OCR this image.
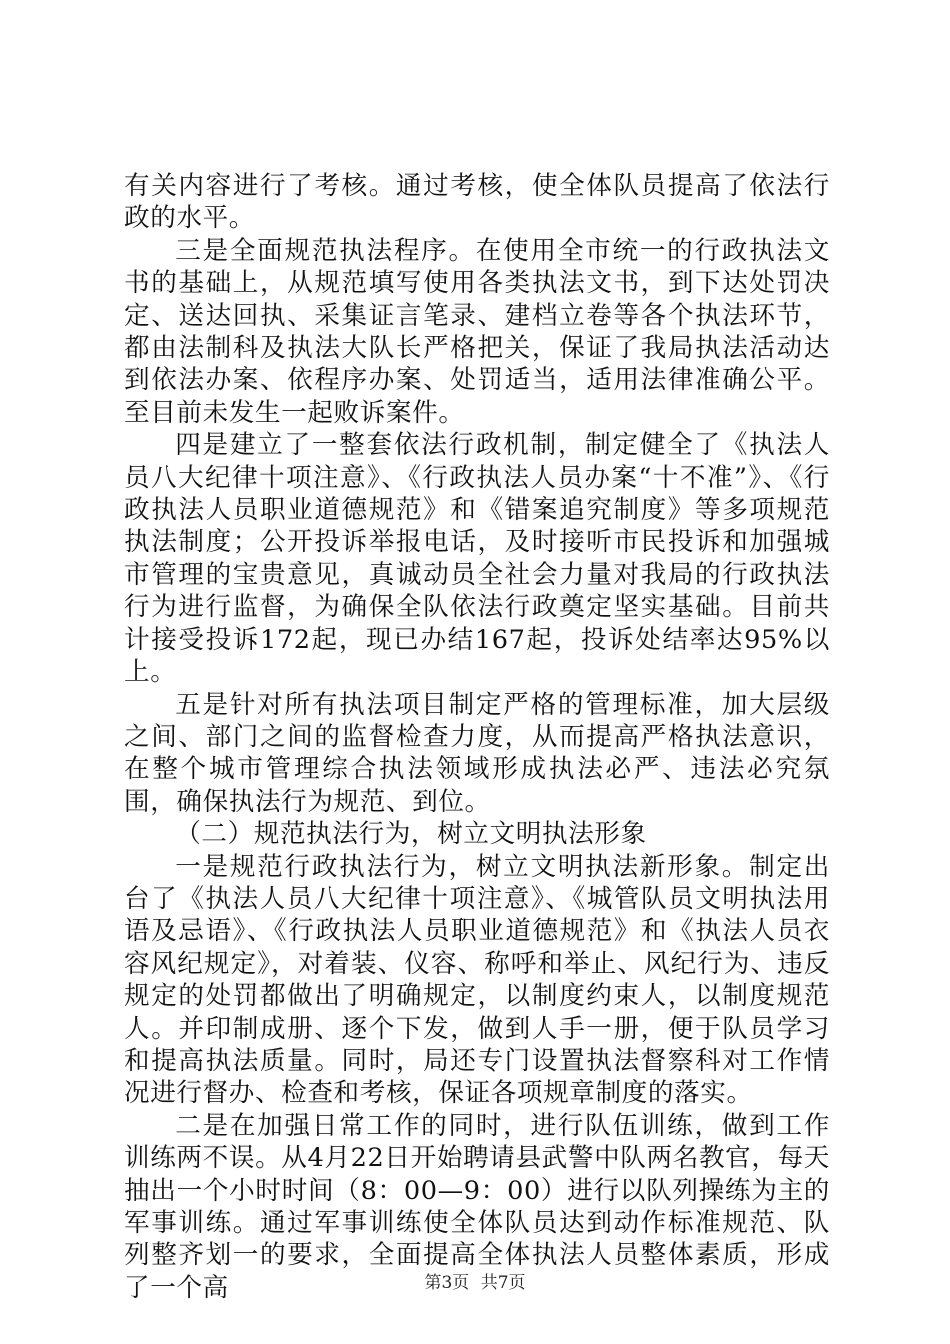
有关内容进行了考核。通过考核，使全体队员提高了依法行政的水平。

三是全面规范执法程序。在使用全市统一的行政执法文书的基础上，从规范填写使用各类执法文书，到下达处罚决定、送达回执、采集证言笔录、建档立卷等各个执法环节，都由法制科及执法大队长严格把关，保证了我局执法活动达到依法办案、依程序办案、处罚适当，适用法律准确公平。至目前未发生一起败诉案件。

四是建立了一整套依法行政机制，制定健全了《执法人员八大纪律十项注意》、《行政执法人员办案“十不准”》、《行政执法人员职业道德规范》和《错案追究制度》等多项规范执法制度；公开投诉举报电话，及时接听市民投诉和加强城市管理的宝贵意见，真诚动员全社会力量对我局的行政执法行为进行监督，为确保全队依法行政奠定坚实基础。目前共计接受投诉172起，现已办结167起，投诉处结率达95%以上。

五是针对所有执法项目制定严格的管理标准，加大层级之间、部门之间的监督检查力度，从而提高严格执法意识，在整个城市管理综合执法领域形成执法必严、违法必究氛围，确保执法行为规范、到位。

（二）规范执法行为，树立文明执法形象

一是规范行政执法行为，树立文明执法新形象。制定出台了《执法人员八大纪律十项注意》、《城管队员文明执法用语及忌语》、《行政执法人员职业道德规范》和《执法人员衣容风纪规定》，对着装、仪容、称呼和举止、风纪行为、违反规定的处罚都做出了明确规定，以制度约束人，以制度规范人。并印制成册、逐个下发，做到人手一册，便于队员学习和提高执法质量。同时，局还专门设置执法督察科对工作情况进行督办、检查和考核，保证各项规章制度的落实。

二是在加强日常工作的同时，进行队伍训练，做到工作训练两不误。从4月22日开始聘请县武警中队两名教官，每天抽出一个小时时间（8：00—9：00）进行以队列操练为主的军事训练。通过军事训练使全体队员达到动作标准规范、队列整齐划一的要求，全面提高全体执法人员整体素质，形成了一个高	第3页 共7页
